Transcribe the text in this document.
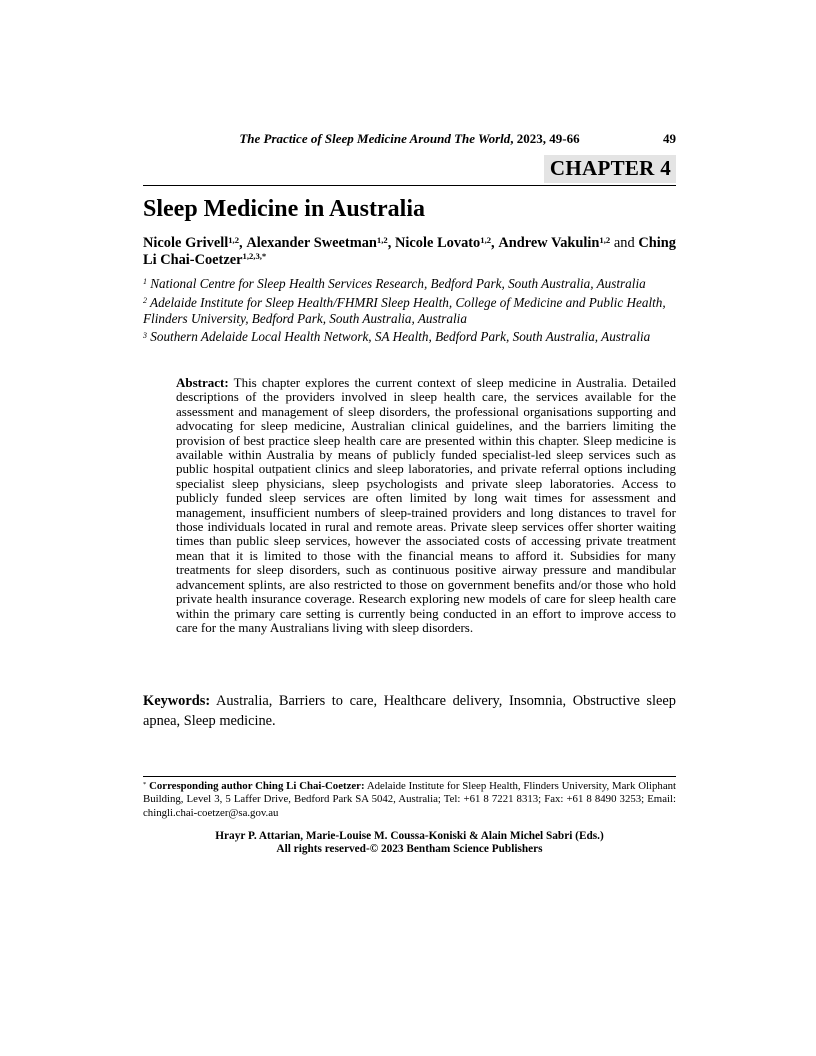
The Practice of Sleep Medicine Around The World, 2023, 49-66	49
CHAPTER 4
Sleep Medicine in Australia

Nicole Grivell$^{1,2}$, Alexander Sweetman$^{1,2}$, Nicole Lovato$^{1,2}$, Andrew Vakulin$^{1,2}$ and Ching Li Chai-Coetzer$^{1,2,3,*}$

$^1$ National Centre for Sleep Health Services Research, Bedford Park, South Australia, Australia

$^2$ Adelaide Institute for Sleep Health/FHMRI Sleep Health, College of Medicine and Public Health, Flinders University, Bedford Park, South Australia, Australia

$^3$ Southern Adelaide Local Health Network, SA Health, Bedford Park, South Australia, Australia

Abstract: This chapter explores the current context of sleep medicine in Australia. Detailed descriptions of the providers involved in sleep health care, the services available for the assessment and management of sleep disorders, the professional organisations supporting and advocating for sleep medicine, Australian clinical guidelines, and the barriers limiting the provision of best practice sleep health care are presented within this chapter. Sleep medicine is available within Australia by means of publicly funded specialist-led sleep services such as public hospital outpatient clinics and sleep laboratories, and private referral options including specialist sleep physicians, sleep psychologists and private sleep laboratories. Access to publicly funded sleep services are often limited by long wait times for assessment and management, insufficient numbers of sleep-trained providers and long distances to travel for those individuals located in rural and remote areas. Private sleep services offer shorter waiting times than public sleep services, however the associated costs of accessing private treatment mean that it is limited to those with the financial means to afford it. Subsidies for many treatments for sleep disorders, such as continuous positive airway pressure and mandibular advancement splints, are also restricted to those on government benefits and/or those who hold private health insurance coverage. Research exploring new models of care for sleep health care within the primary care setting is currently being conducted in an effort to improve access to care for the many Australians living with sleep disorders.

Keywords: Australia, Barriers to care, Healthcare delivery, Insomnia, Obstructive sleep apnea, Sleep medicine.

* Corresponding author Ching Li Chai-Coetzer: Adelaide Institute for Sleep Health, Flinders University, Mark Oliphant Building, Level 3, 5 Laffer Drive, Bedford Park SA 5042, Australia; Tel: +61 8 7221 8313; Fax: +61 8 8490 3253; Email: chingli.chai-coetzer@sa.gov.au

Hrayr P. Attarian, Marie-Louise M. Coussa-Koniski & Alain Michel Sabri (Eds.)
All rights reserved-© 2023 Bentham Science Publishers
